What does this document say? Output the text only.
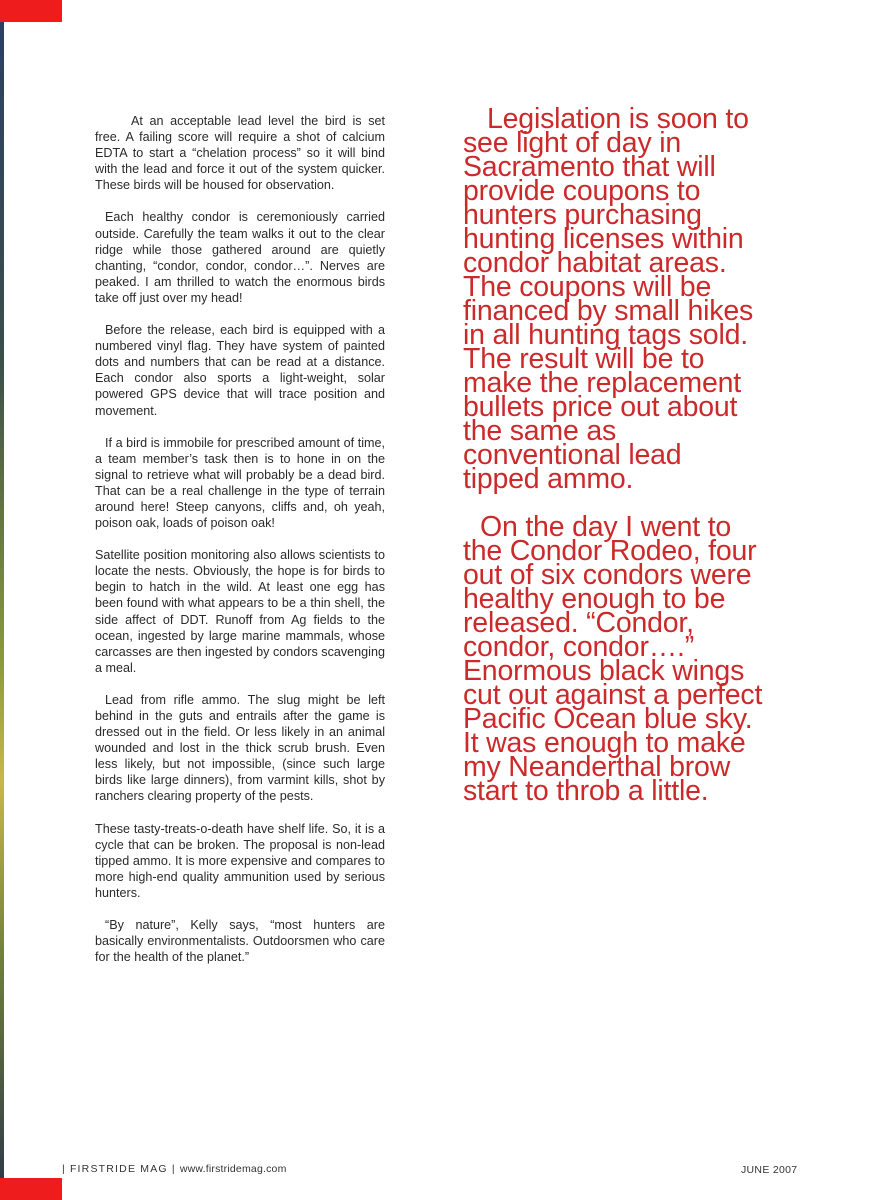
At an acceptable lead level the bird is set free. A failing score will require a shot of calcium EDTA to start a “chelation process” so it will bind with the lead and force it out of the system quicker. These birds will be housed for observation.

Each healthy condor is ceremoniously carried outside. Carefully the team walks it out to the clear ridge while those gathered around are quietly chanting, “condor, condor, condor…”. Nerves are peaked. I am thrilled to watch the enormous birds take off just over my head!

Before the release, each bird is equipped with a numbered vinyl flag. They have system of painted dots and numbers that can be read at a distance. Each condor also sports a light-weight, solar powered GPS device that will trace position and movement.

If a bird is immobile for prescribed amount of time, a team member’s task then is to hone in on the signal to retrieve what will probably be a dead bird. That can be a real challenge in the type of terrain around here! Steep canyons, cliffs and, oh yeah, poison oak, loads of poison oak!

Satellite position monitoring also allows scientists to locate the nests. Obviously, the hope is for birds to begin to hatch in the wild. At least one egg has been found with what appears to be a thin shell, the side affect of DDT. Runoff from Ag fields to the ocean, ingested by large marine mammals, whose carcasses are then ingested by condors scavenging a meal.

Lead from rifle ammo. The slug might be left behind in the guts and entrails after the game is dressed out in the field. Or less likely in an animal wounded and lost in the thick scrub brush. Even less likely, but not impossible, (since such large birds like large dinners), from varmint kills, shot by ranchers clearing property of the pests.

These tasty-treats-o-death have shelf life. So, it is a cycle that can be broken. The proposal is non-lead tipped ammo. It is more expensive and compares to more high-end quality ammunition used by serious hunters.

“By nature”, Kelly says, “most hunters are basically environmentalists. Outdoorsmen who care for the health of the planet.”

Legislation is soon to see light of day in Sacramento that will provide coupons to hunters purchasing hunting licenses within condor habitat areas. The coupons will be financed by small hikes in all hunting tags sold. The result will be to make the replacement bullets price out about the same as conventional lead tipped ammo.

On the day I went to the Condor Rodeo, four out of six condors were healthy enough to be released. “Condor, condor, condor….” Enormous black wings cut out against a perfect Pacific Ocean blue sky. It was enough to make my Neanderthal brow start to throb a little.

| FIRSTRIDE MAG | www.firstridemag.com	JUNE 2007
